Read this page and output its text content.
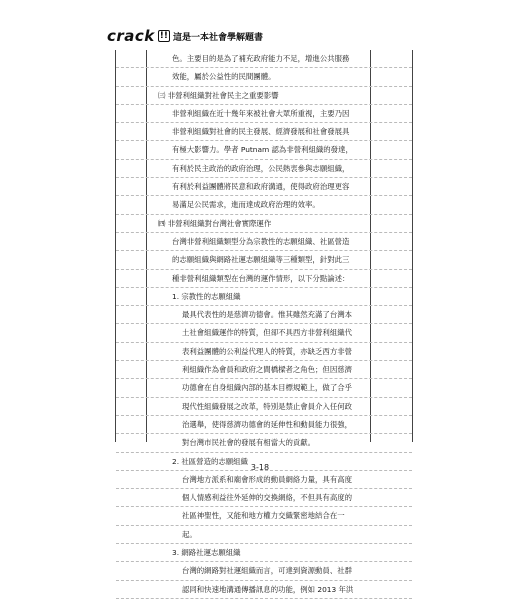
crack !! 這是一本社會學解題書
色。主要目的是為了補充政府能力不足，增進公共服務
效能，屬於公益性的民間團體。
㈢ 非營利組織對社會民主之重要影響
非營利組織在近十幾年來被社會大眾所重視，主要乃因
非營利組織對社會的民主發展、經濟發展和社會發展具
有極大影響力。學者 Putnam 認為非營利組織的發達，
有利於民主政治的政府治理，公民熱衷參與志願組織，
有利於利益團體將民意和政府溝通，使得政府治理更容
易滿足公民需求，進而達成政府治理的效率。
㈣ 非營利組織對台灣社會實際運作
台灣非營利組織類型分為宗教性的志願組織、社區營造
的志願組織與網路社運志願組織等三種類型，針對此三
種非營利組織類型在台灣的運作情形，以下分點論述：
1. 宗教性的志願組織
最具代表性的是慈濟功德會。惟其雖然充滿了台灣本
土社會組織運作的特質，但卻不具西方非營利組織代
表利益團體的公利益代理人的特質，亦缺乏西方非營
利組織作為會員和政府之間橋樑者之角色；但因慈濟
功德會在自身組織內部的基本目標規範上，做了合乎
現代性組織發展之改革，特別是禁止會員介入任何政
治選舉，使得慈濟功德會的延伸性和動員能力很強，
對台灣市民社會的發展有相當大的貢獻。
2. 社區營造的志願組織
台灣地方派系和廟會形成的動員網絡力量，具有高度
個人情感利益往外延伸的交換網絡，不但具有高度的
社區神聖性，又能和地方權力交織緊密地結合在一
起。
3. 網路社運志願組織
台灣的網路對社運組織而言，可達到資源動員、社群
認同和快速地溝通傳播訊息的功能，例如 2013 年洪
3-18
